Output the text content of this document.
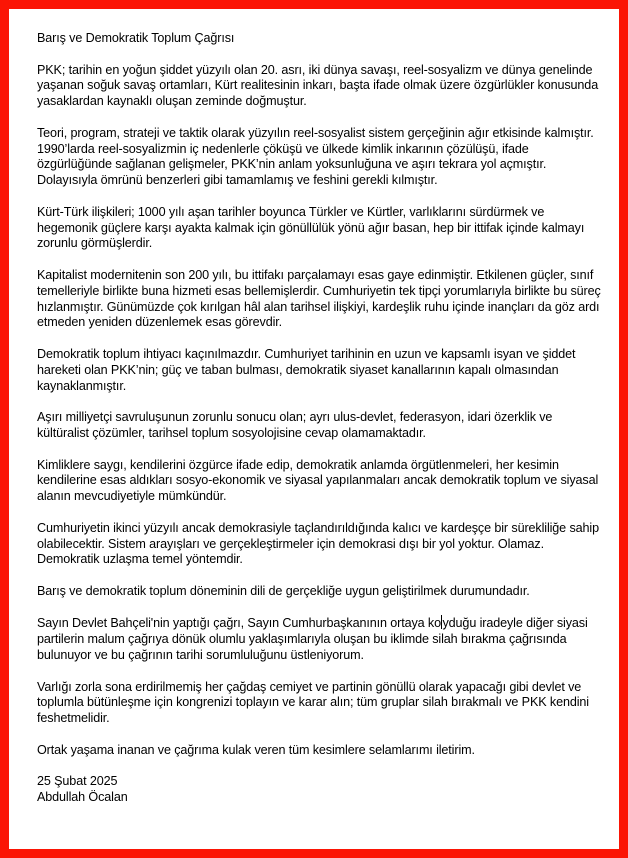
Barış ve Demokratik Toplum Çağrısı

PKK; tarihin en yoğun şiddet yüzyılı olan 20. asrı, iki dünya savaşı, reel-sosyalizm ve dünya genelinde yaşanan soğuk savaş ortamları, Kürt realitesinin inkarı, başta ifade olmak üzere özgürlükler konusunda yasaklardan kaynaklı oluşan zeminde doğmuştur.

Teori, program, strateji ve taktik olarak yüzyılın reel-sosyalist sistem gerçeğinin ağır etkisinde kalmıştır. 1990’larda reel-sosyalizmin iç nedenlerle çöküşü ve ülkede kimlik inkarının çözülüşü, ifade özgürlüğünde sağlanan gelişmeler, PKK’nin anlam yoksunluğuna ve aşırı tekrara yol açmıştır. Dolayısıyla ömrünü benzerleri gibi tamamlamış ve feshini gerekli kılmıştır.

Kürt-Türk ilişkileri; 1000 yılı aşan tarihler boyunca Türkler ve Kürtler, varlıklarını sürdürmek ve hegemonik güçlere karşı ayakta kalmak için gönüllülük yönü ağır basan, hep bir ittifak içinde kalmayı zorunlu görmüşlerdir.

Kapitalist modernitenin son 200 yılı, bu ittifakı parçalamayı esas gaye edinmiştir. Etkilenen güçler, sınıf temelleriyle birlikte buna hizmeti esas bellemişlerdir. Cumhuriyetin tek tipçi yorumlarıyla birlikte bu süreç hızlanmıştır. Günümüzde çok kırılgan hâl alan tarihsel ilişkiyi, kardeşlik ruhu içinde inançları da göz ardı etmeden yeniden düzenlemek esas görevdir.

Demokratik toplum ihtiyacı kaçınılmazdır. Cumhuriyet tarihinin en uzun ve kapsamlı isyan ve şiddet hareketi olan PKK’nin; güç ve taban bulması, demokratik siyaset kanallarının kapalı olmasından kaynaklanmıştır.

Aşırı milliyetçi savruluşunun zorunlu sonucu olan; ayrı ulus-devlet, federasyon, idari özerklik ve kültüralist çözümler, tarihsel toplum sosyolojisine cevap olamamaktadır.

Kimliklere saygı, kendilerini özgürce ifade edip, demokratik anlamda örgütlenmeleri, her kesimin kendilerine esas aldıkları sosyo-ekonomik ve siyasal yapılanmaları ancak demokratik toplum ve siyasal alanın mevcudiyetiyle mümkündür.

Cumhuriyetin ikinci yüzyılı ancak demokrasiyle taçlandırıldığında kalıcı ve kardeşçe bir sürekliliğe sahip olabilecektir. Sistem arayışları ve gerçekleştirmeler için demokrasi dışı bir yol yoktur. Olamaz. Demokratik uzlaşma temel yöntemdir.

Barış ve demokratik toplum döneminin dili de gerçekliğe uygun geliştirilmek durumundadır.

Sayın Devlet Bahçeli'nin yaptığı çağrı, Sayın Cumhurbaşkanının ortaya ko yduğu iradeyle diğer siyasi partilerin malum çağrıya dönük olumlu yaklaşımlarıyla oluşan bu iklimde silah bırakma çağrısında bulunuyor ve bu çağrının tarihi sorumluluğunu üstleniyorum.

Varlığı zorla sona erdirilmemiş her çağdaş cemiyet ve partinin gönüllü olarak yapacağı gibi devlet ve toplumla bütünleşme için kongrenizi toplayın ve karar alın; tüm gruplar silah bırakmalı ve PKK kendini feshetmelidir.

Ortak yaşama inanan ve çağrıma kulak veren tüm kesimlere selamlarımı iletirim.

25 Şubat 2025

Abdullah Öcalan
